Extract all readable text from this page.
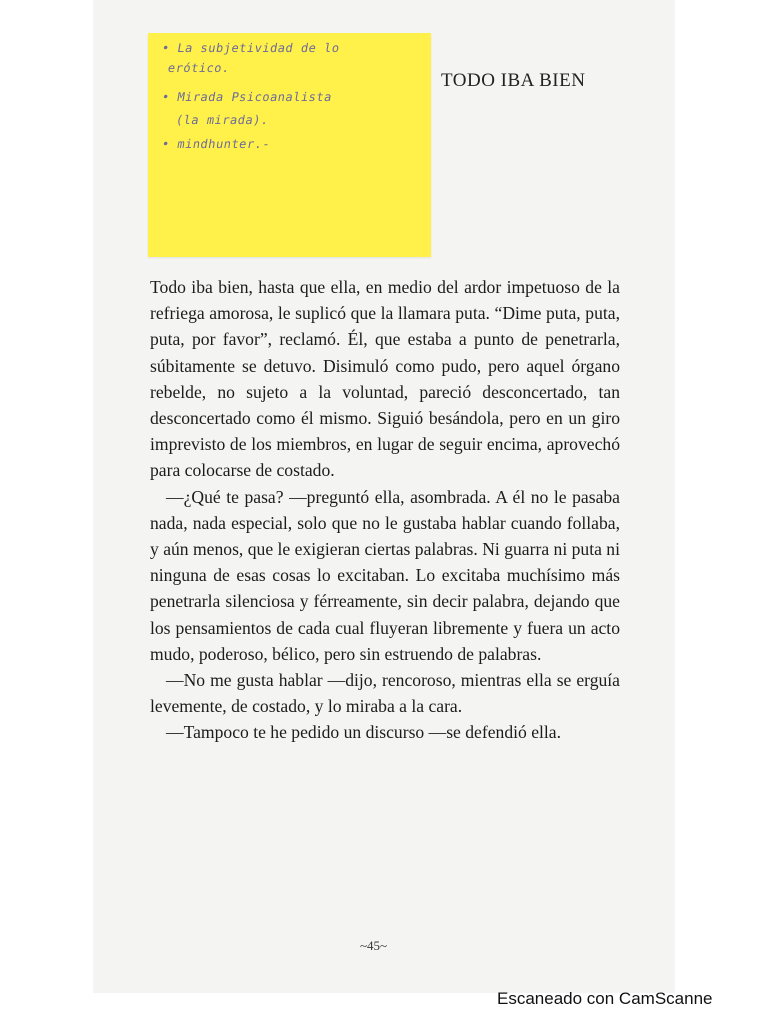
• La subjetividad de lo
erótico.
• Mirada Psicoanalista
(la mirada).
• mindhunter.-
TODO IBA BIEN

Todo iba bien, hasta que ella, en medio del ardor impetuoso de la refriega amorosa, le suplicó que la llamara puta. “Dime puta, puta, puta, por favor”, reclamó. Él, que estaba a punto de penetrarla, súbitamente se detuvo. Disimuló como pudo, pero aquel órgano rebelde, no sujeto a la voluntad, pareció desconcertado, tan desconcertado como él mismo. Siguió besándola, pero en un giro imprevisto de los miembros, en lugar de seguir encima, aprovechó para colocarse de costado.

—¿Qué te pasa? —preguntó ella, asombrada. A él no le pasaba nada, nada especial, solo que no le gustaba hablar cuando follaba, y aún menos, que le exigieran ciertas palabras. Ni guarra ni puta ni ninguna de esas cosas lo excitaban. Lo excitaba muchísimo más penetrarla silenciosa y férreamente, sin decir palabra, dejando que los pensamientos de cada cual fluyeran libremente y fuera un acto mudo, poderoso, bélico, pero sin estruendo de palabras.

—No me gusta hablar —dijo, rencoroso, mientras ella se erguía levemente, de costado, y lo miraba a la cara.

—Tampoco te he pedido un discurso —se defendió ella.

~45~
Escaneado con CamScanne
